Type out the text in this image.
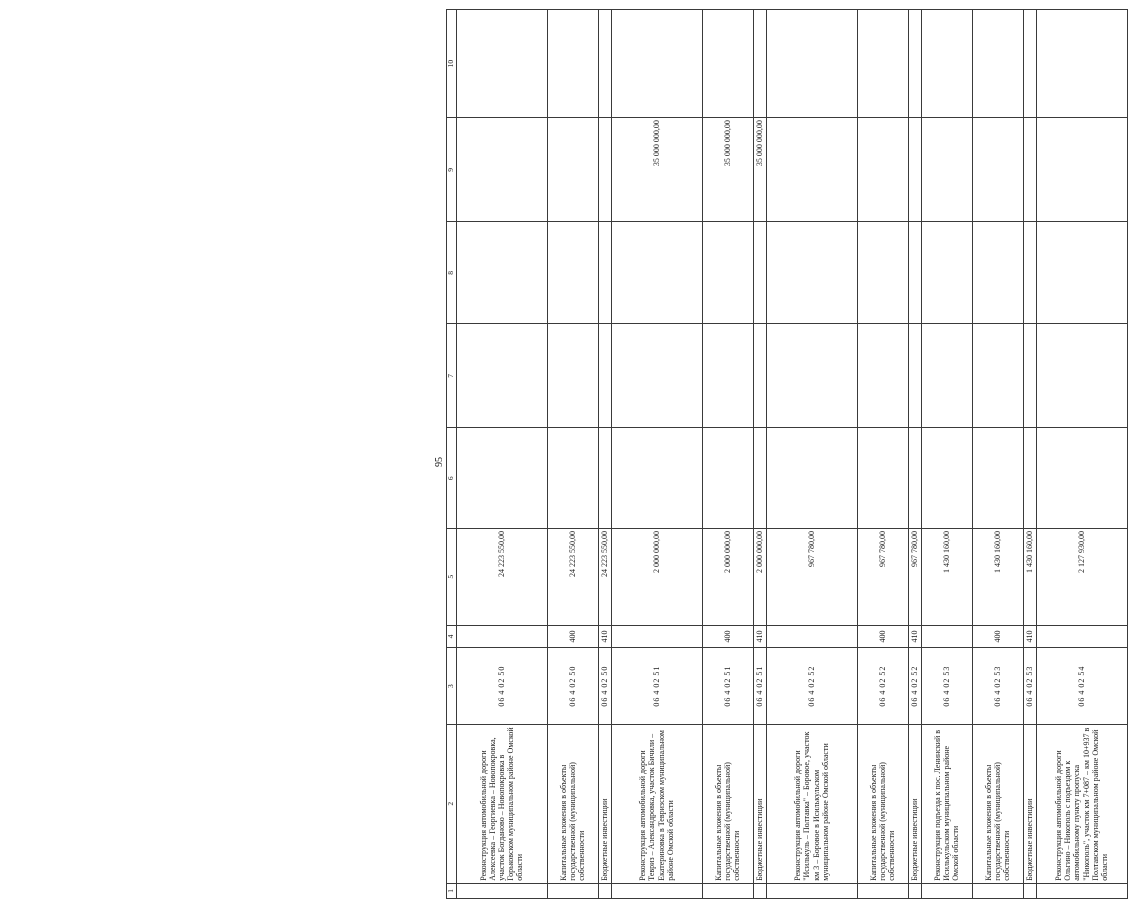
95
1	2	3	4	5	6	7	8	9	10
	Реконструкция автомобильной дороги Алексеевка – Георгиевка – Новопокровка, участок Богданово – Новопокровка в Горьковском муниципальном районе Омской области	0640250		24 223 550,00					
	Капитальные вложения в объекты государственной (муниципальной) собственности	0640250	400	24 223 550,00					
	Бюджетные инвестиции	0640250	410	24 223 550,00					
	Реконструкция автомобильной дороги Тевриз – Александровка, участок Бичили – Екатериновка в Тевризском муниципальном районе Омской области	0640251		2 000 000,00				35 000 000,00	
	Капитальные вложения в объекты государственной (муниципальной) собственности	0640251	400	2 000 000,00				35 000 000,00	
	Бюджетные инвестиции	0640251	410	2 000 000,00				35 000 000,00	
	Реконструкция автомобильной дороги "Исилькуль – Полтавка" – Боровое, участок км 3 – Боровое в Исилькульском муниципальном районе Омской области	0640252		967 780,00					
	Капитальные вложения в объекты государственной (муниципальной) собственности	0640252	400	967 780,00					
	Бюджетные инвестиции	0640252	410	967 780,00					
	Реконструкция подъезда к пос. Ленинский в Исилькульском муниципальном районе Омской области	0640253		1 430 160,00					
	Капитальные вложения в объекты государственной (муниципальной) собственности	0640253	400	1 430 160,00					
	Бюджетные инвестиции	0640253	410	1 430 160,00					
	Реконструкция автомобильной дороги Ольгино – Никополь с подъездом к автомобильному пункту пропуска "Никополь", участок км 7+087 – км 10+937 в Полтавском муниципальном районе Омской области	0640254		2 127 930,00					
